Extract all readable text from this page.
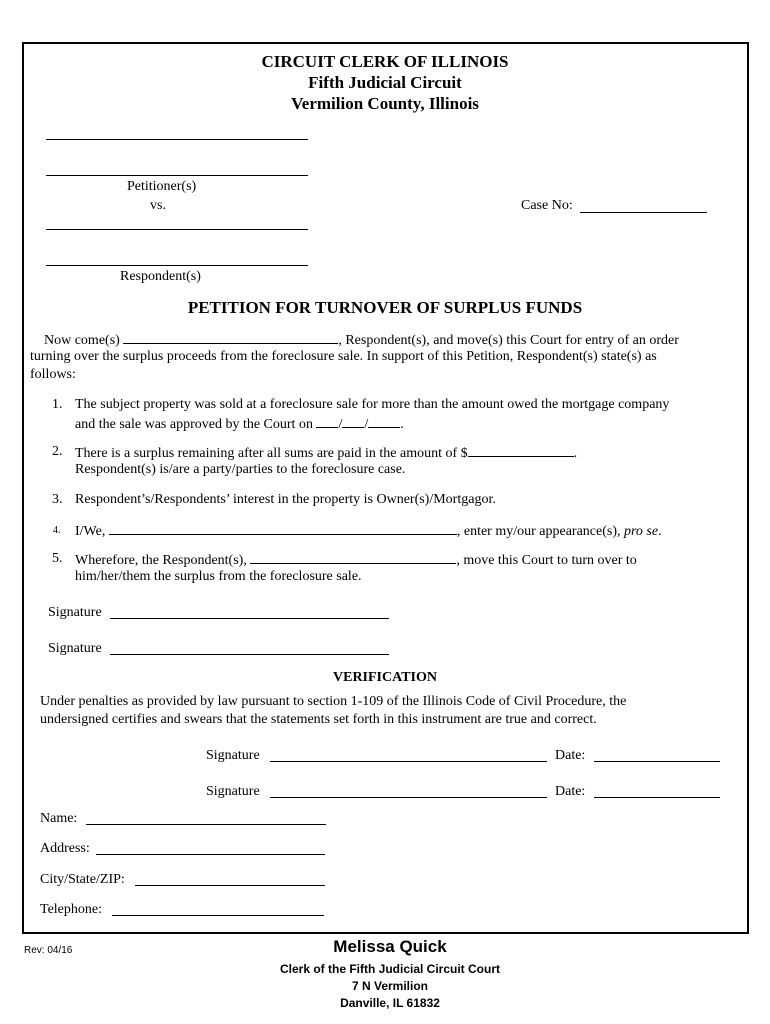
CIRCUIT CLERK OF ILLINOIS
Fifth Judicial Circuit
Vermilion County, Illinois
Petitioner(s)
vs.	Case No:
Respondent(s)
PETITION FOR TURNOVER OF SURPLUS FUNDS
Now come(s)	, Respondent(s), and move(s) this Court for entry of an order
turning over the surplus proceeds from the foreclosure sale. In support of this Petition, Respondent(s) state(s) as
follows:
1. The subject property was sold at a foreclosure sale for more than the amount owed the mortgage company
and the sale was approved by the Court on / / .
2. There is a surplus remaining after all sums are paid in the amount of $	.
Respondent(s) is/are a party/parties to the foreclosure case.
3. Respondent’s/Respondents’ interest in the property is Owner(s)/Mortgagor.
4. I/We,	, enter my/our appearance(s), pro se.
5. Wherefore, the Respondent(s),	, move this Court to turn over to
him/her/them the surplus from the foreclosure sale.
Signature
Signature
VERIFICATION
Under penalties as provided by law pursuant to section 1-109 of the Illinois Code of Civil Procedure, the
undersigned certifies and swears that the statements set forth in this instrument are true and correct.
Signature	Date:
Signature	Date:
Name:
Address:
City/State/ZIP:
Telephone:
Rev: 04/16	Melissa Quick
Clerk of the Fifth Judicial Circuit Court
7 N Vermilion
Danville, IL 61832
